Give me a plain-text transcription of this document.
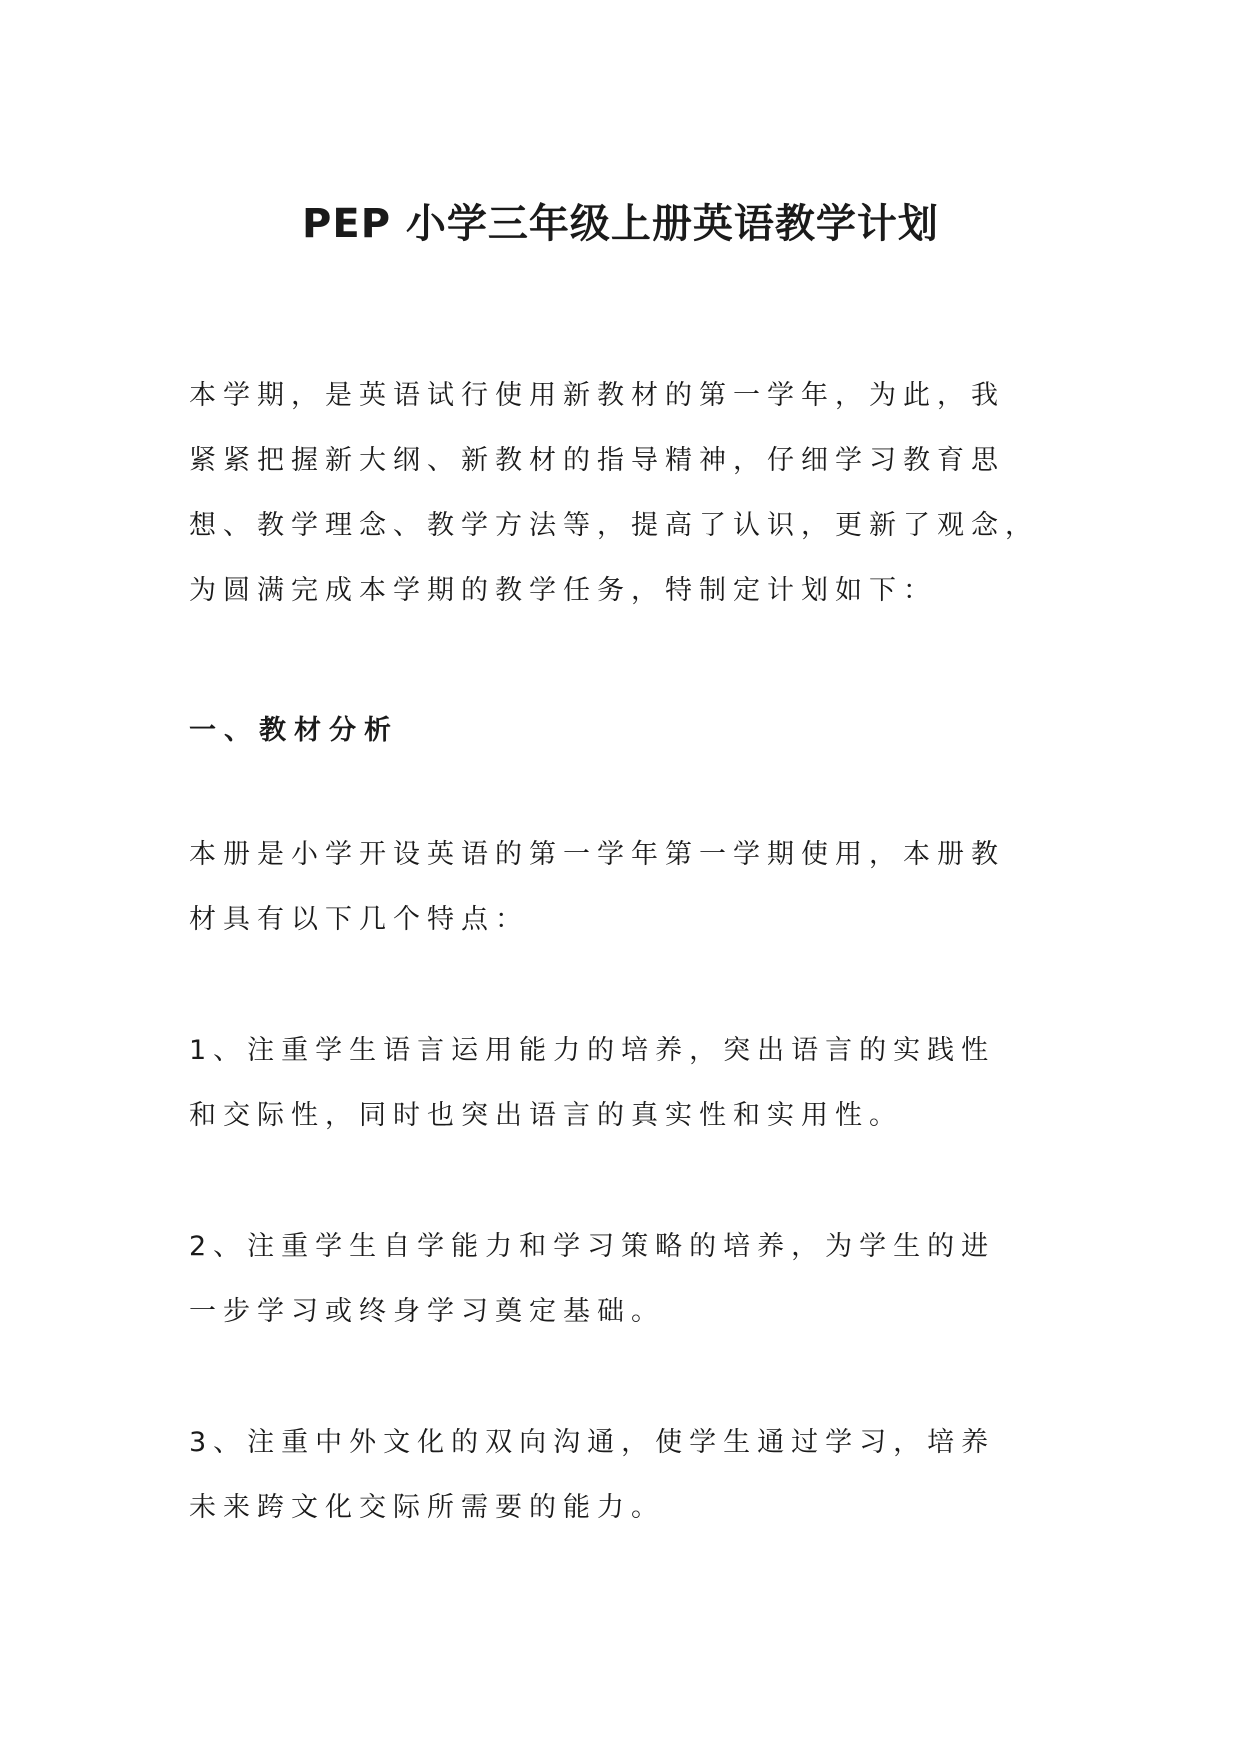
PEP 小学三年级上册英语教学计划
本学期，是英语试行使用新教材的第一学年，为此，我
紧紧把握新大纲、新教材的指导精神，仔细学习教育思
想、教学理念、教学方法等，提高了认识，更新了观念，
为圆满完成本学期的教学任务，特制定计划如下：
一、教材分析
本册是小学开设英语的第一学年第一学期使用，本册教
材具有以下几个特点：
1、注重学生语言运用能力的培养，突出语言的实践性
和交际性，同时也突出语言的真实性和实用性。
2、注重学生自学能力和学习策略的培养，为学生的进
一步学习或终身学习奠定基础。
3、注重中外文化的双向沟通，使学生通过学习，培养
未来跨文化交际所需要的能力。
